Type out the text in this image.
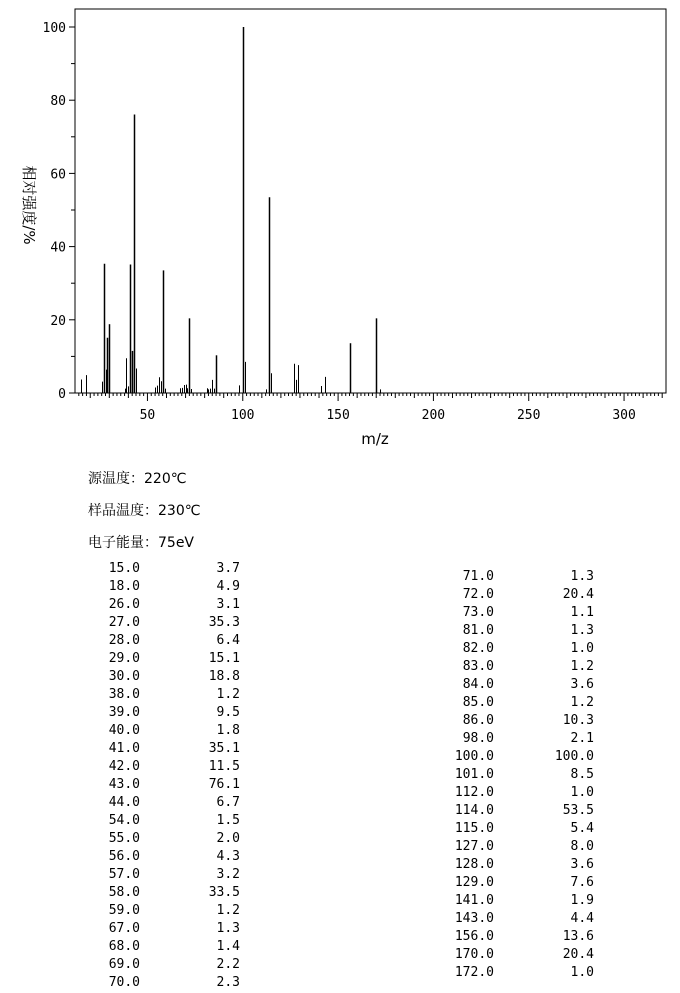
0
20
40
60
80
100
50	100	150	200	250	300
m/z
相对强度/%
源温度：220℃
样品温度：230℃
电子能量：75eV
15.0	3.7
18.0	4.9
26.0	3.1
27.0	35.3
28.0	6.4
29.0	15.1
30.0	18.8
38.0	1.2
39.0	9.5
40.0	1.8
41.0	35.1
42.0	11.5
43.0	76.1
44.0	6.7
54.0	1.5
55.0	2.0
56.0	4.3
57.0	3.2
58.0	33.5
59.0	1.2
67.0	1.3
68.0	1.4
69.0	2.2
70.0	2.3
71.0	1.3
72.0	20.4
73.0	1.1
81.0	1.3
82.0	1.0
83.0	1.2
84.0	3.6
85.0	1.2
86.0	10.3
98.0	2.1
100.0	100.0
101.0	8.5
112.0	1.0
114.0	53.5
115.0	5.4
127.0	8.0
128.0	3.6
129.0	7.6
141.0	1.9
143.0	4.4
156.0	13.6
170.0	20.4
172.0	1.0
